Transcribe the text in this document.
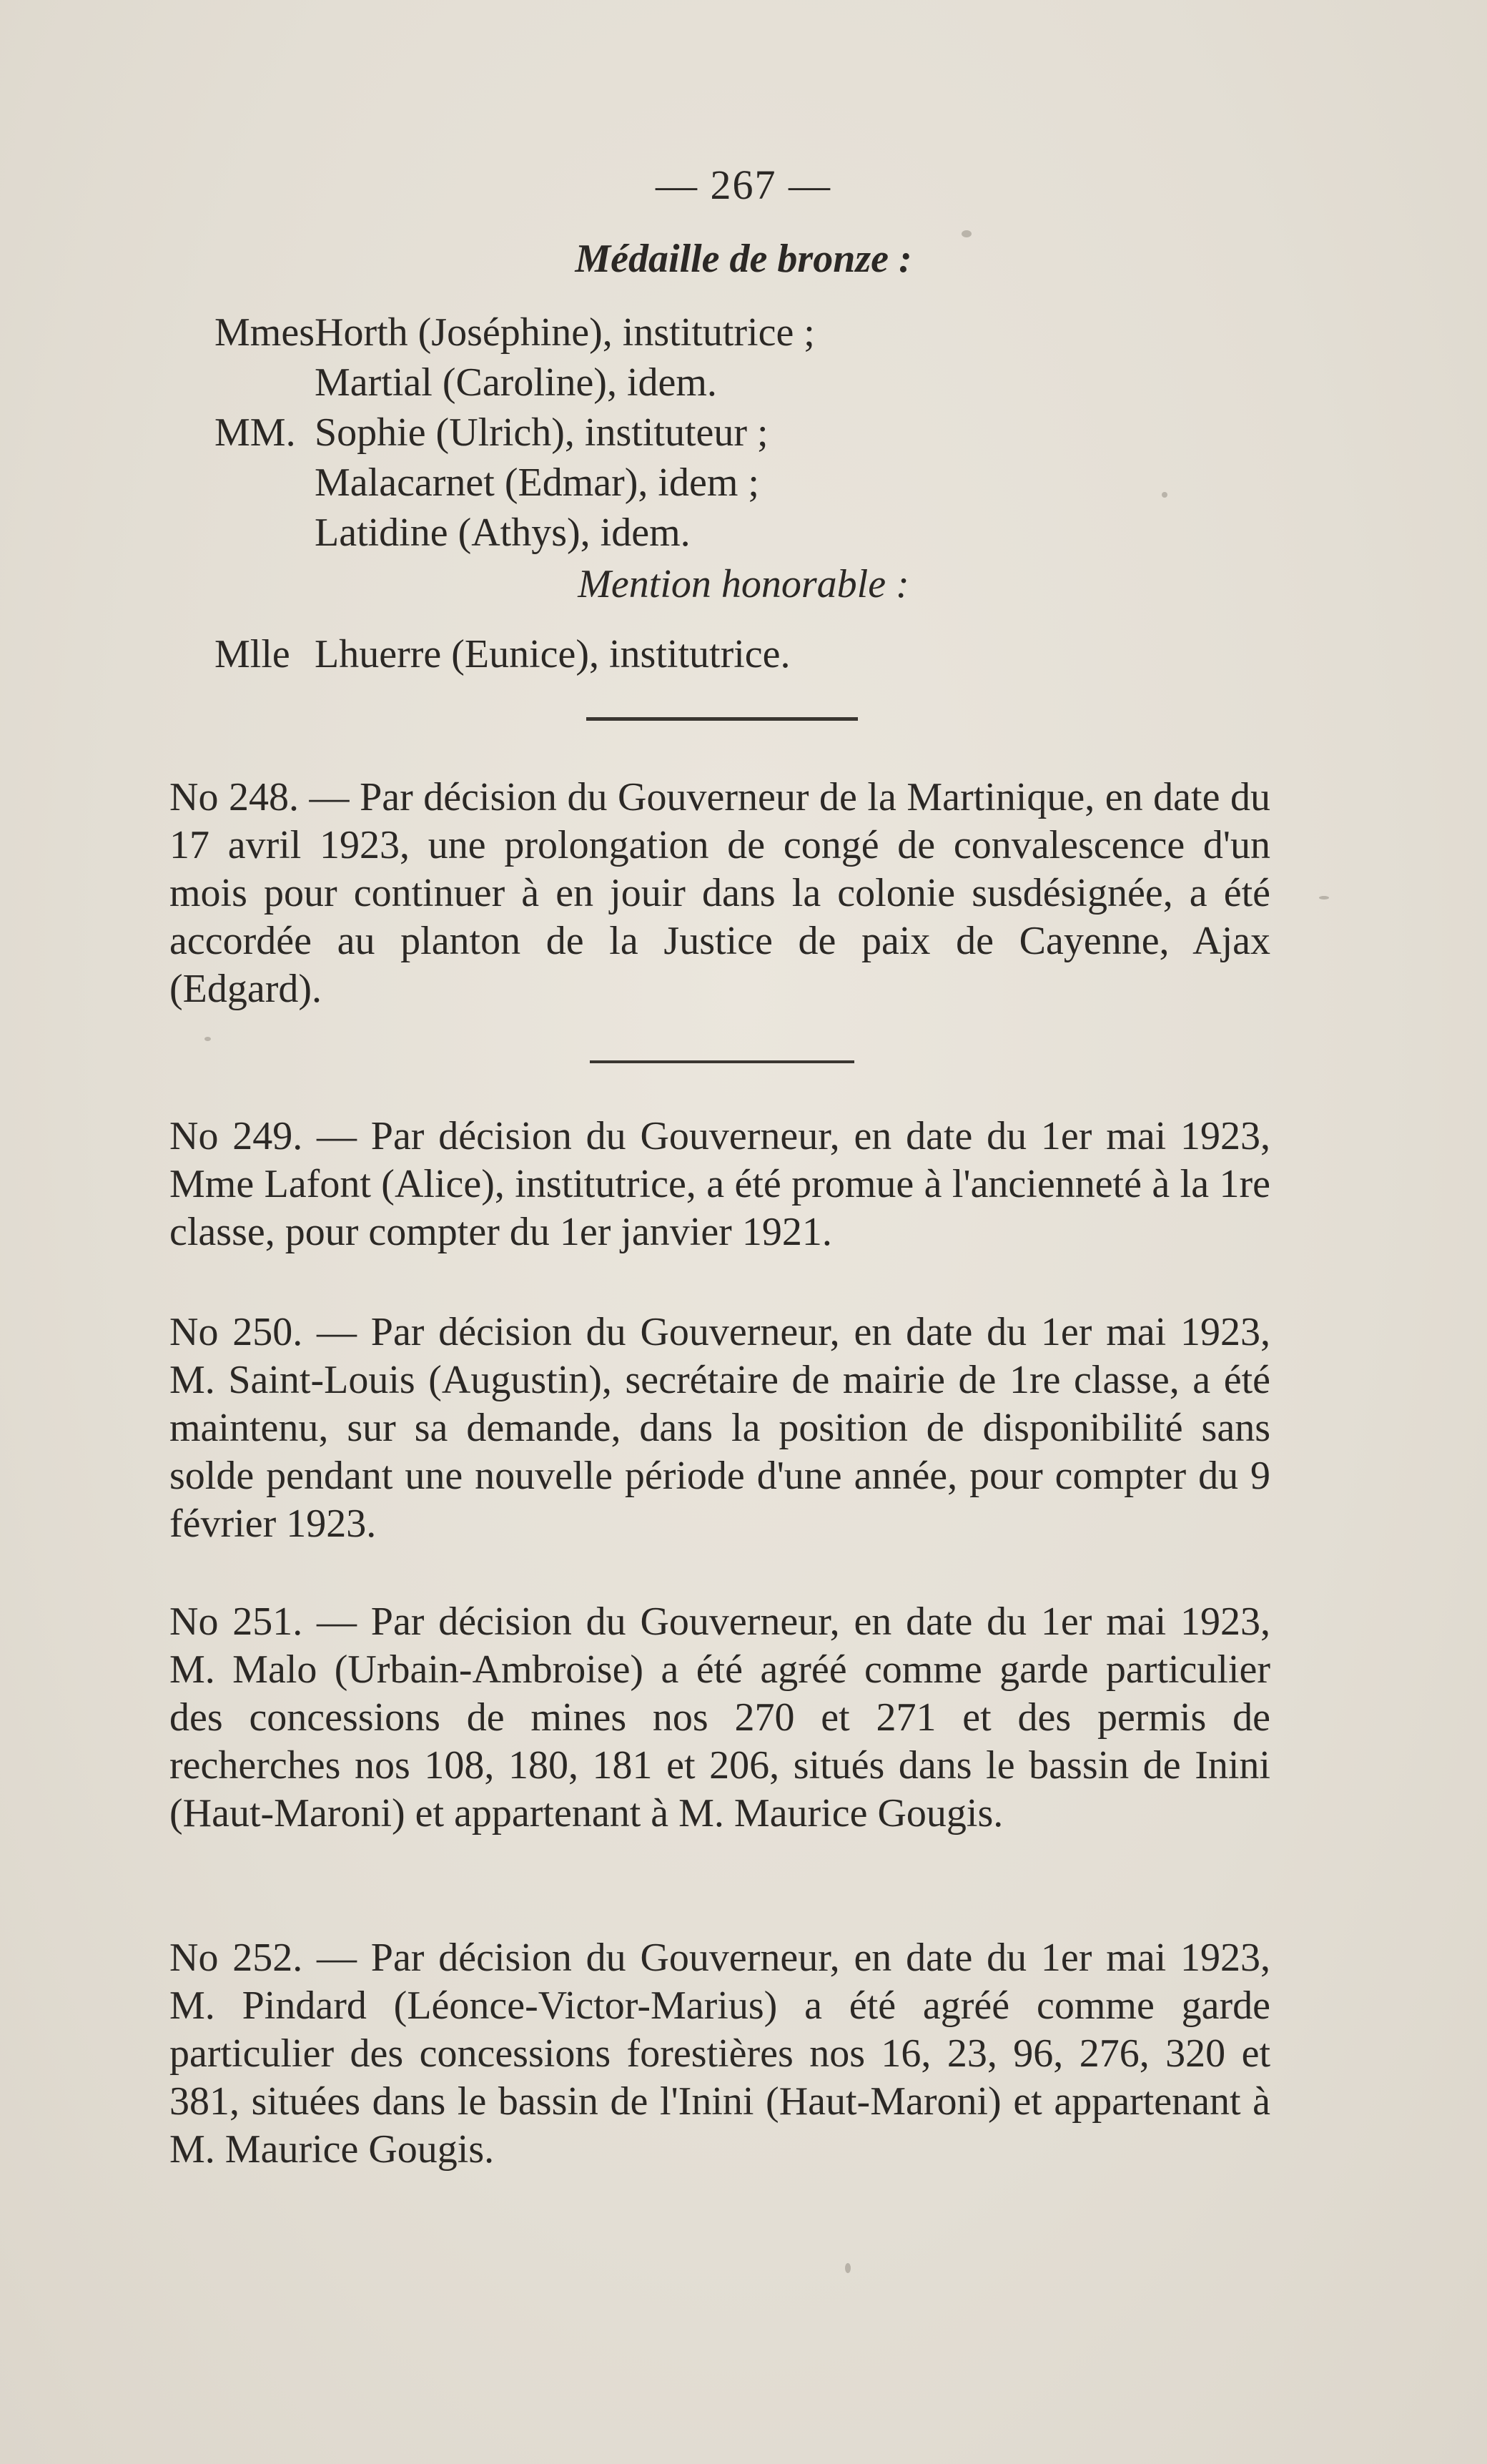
— 267 —
Médaille de bronze :
Mmes Horth (Joséphine), institutrice ;
Martial (Caroline), idem.
MM. Sophie (Ulrich), instituteur ;
Malacarnet (Edmar), idem ;
Latidine (Athys), idem.
Mention honorable :
Mlle Lhuerre (Eunice), institutrice.
No 248. — Par décision du Gouverneur de la Martinique, en date du 17 avril 1923, une prolongation de congé de convalescence d'un mois pour continuer à en jouir dans la colonie susdésignée, a été accordée au planton de la Justice de paix de Cayenne, Ajax (Edgard).
No 249. — Par décision du Gouverneur, en date du 1er mai 1923, Mme Lafont (Alice), institutrice, a été promue à l'ancienneté à la 1re classe, pour compter du 1er janvier 1921.
No 250. — Par décision du Gouverneur, en date du 1er mai 1923, M. Saint-Louis (Augustin), secrétaire de mairie de 1re classe, a été maintenu, sur sa demande, dans la position de disponibilité sans solde pendant une nouvelle période d'une année, pour compter du 9 février 1923.
No 251. — Par décision du Gouverneur, en date du 1er mai 1923, M. Malo (Urbain-Ambroise) a été agréé comme garde particulier des concessions de mines nos 270 et 271 et des permis de recherches nos 108, 180, 181 et 206, situés dans le bassin de Inini (Haut-Maroni) et appartenant à M. Maurice Gougis.
No 252. — Par décision du Gouverneur, en date du 1er mai 1923, M. Pindard (Léonce-Victor-Marius) a été agréé comme garde particulier des concessions forestières nos 16, 23, 96, 276, 320 et 381, situées dans le bassin de l'Inini (Haut-Maroni) et appartenant à M. Maurice Gougis.
